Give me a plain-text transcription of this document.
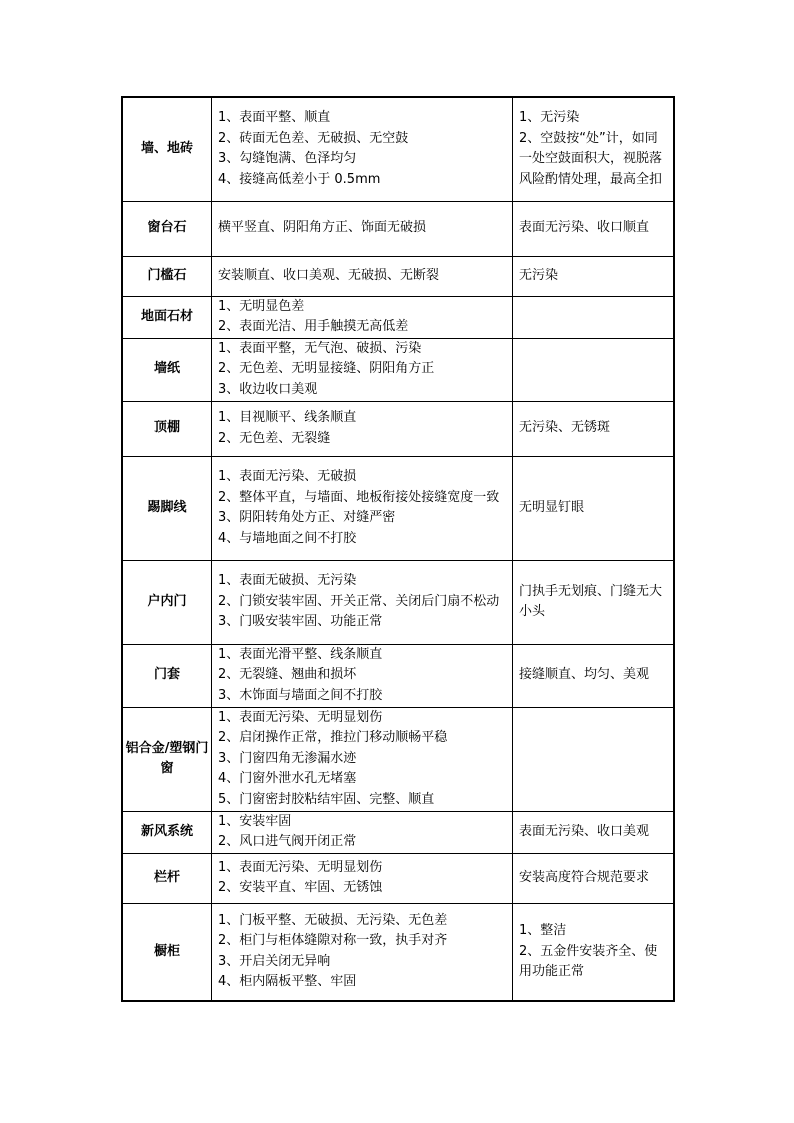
墙、地砖	1、表面平整、顺直
2、砖面无色差、无破损、无空鼓
3、勾缝饱满、色泽均匀
4、接缝高低差小于 0.5mm	1、无污染
2、空鼓按“处”计，如同一处空鼓面积大，视脱落风险酌情处理，最高全扣

窗台石	横平竖直、阴阳角方正、饰面无破损	表面无污染、收口顺直

门槛石	安装顺直、收口美观、无破损、无断裂	无污染

地面石材	1、无明显色差
2、表面光洁、用手触摸无高低差	

墙纸	1、表面平整，无气泡、破损、污染
2、无色差、无明显接缝、阴阳角方正
3、收边收口美观	

顶棚	1、目视顺平、线条顺直
2、无色差、无裂缝	无污染、无锈斑

踢脚线	1、表面无污染、无破损
2、整体平直，与墙面、地板衔接处接缝宽度一致
3、阴阳转角处方正、对缝严密
4、与墙地面之间不打胶	无明显钉眼

户内门	1、表面无破损、无污染
2、门锁安装牢固、开关正常、关闭后门扇不松动
3、门吸安装牢固、功能正常	门执手无划痕、门缝无大小头

门套	1、表面光滑平整、线条顺直
2、无裂缝、翘曲和损坏
3、木饰面与墙面之间不打胶	接缝顺直、均匀、美观

铝合金/塑钢门窗	1、表面无污染、无明显划伤
2、启闭操作正常，推拉门移动顺畅平稳
3、门窗四角无渗漏水迹
4、门窗外泄水孔无堵塞
5、门窗密封胶粘结牢固、完整、顺直	

新风系统	1、安装牢固
2、风口进气阀开闭正常	表面无污染、收口美观

栏杆	1、表面无污染、无明显划伤
2、安装平直、牢固、无锈蚀	安装高度符合规范要求

橱柜	1、门板平整、无破损、无污染、无色差
2、柜门与柜体缝隙对称一致，执手对齐
3、开启关闭无异响
4、柜内隔板平整、牢固	1、整洁
2、五金件安装齐全、使用功能正常
